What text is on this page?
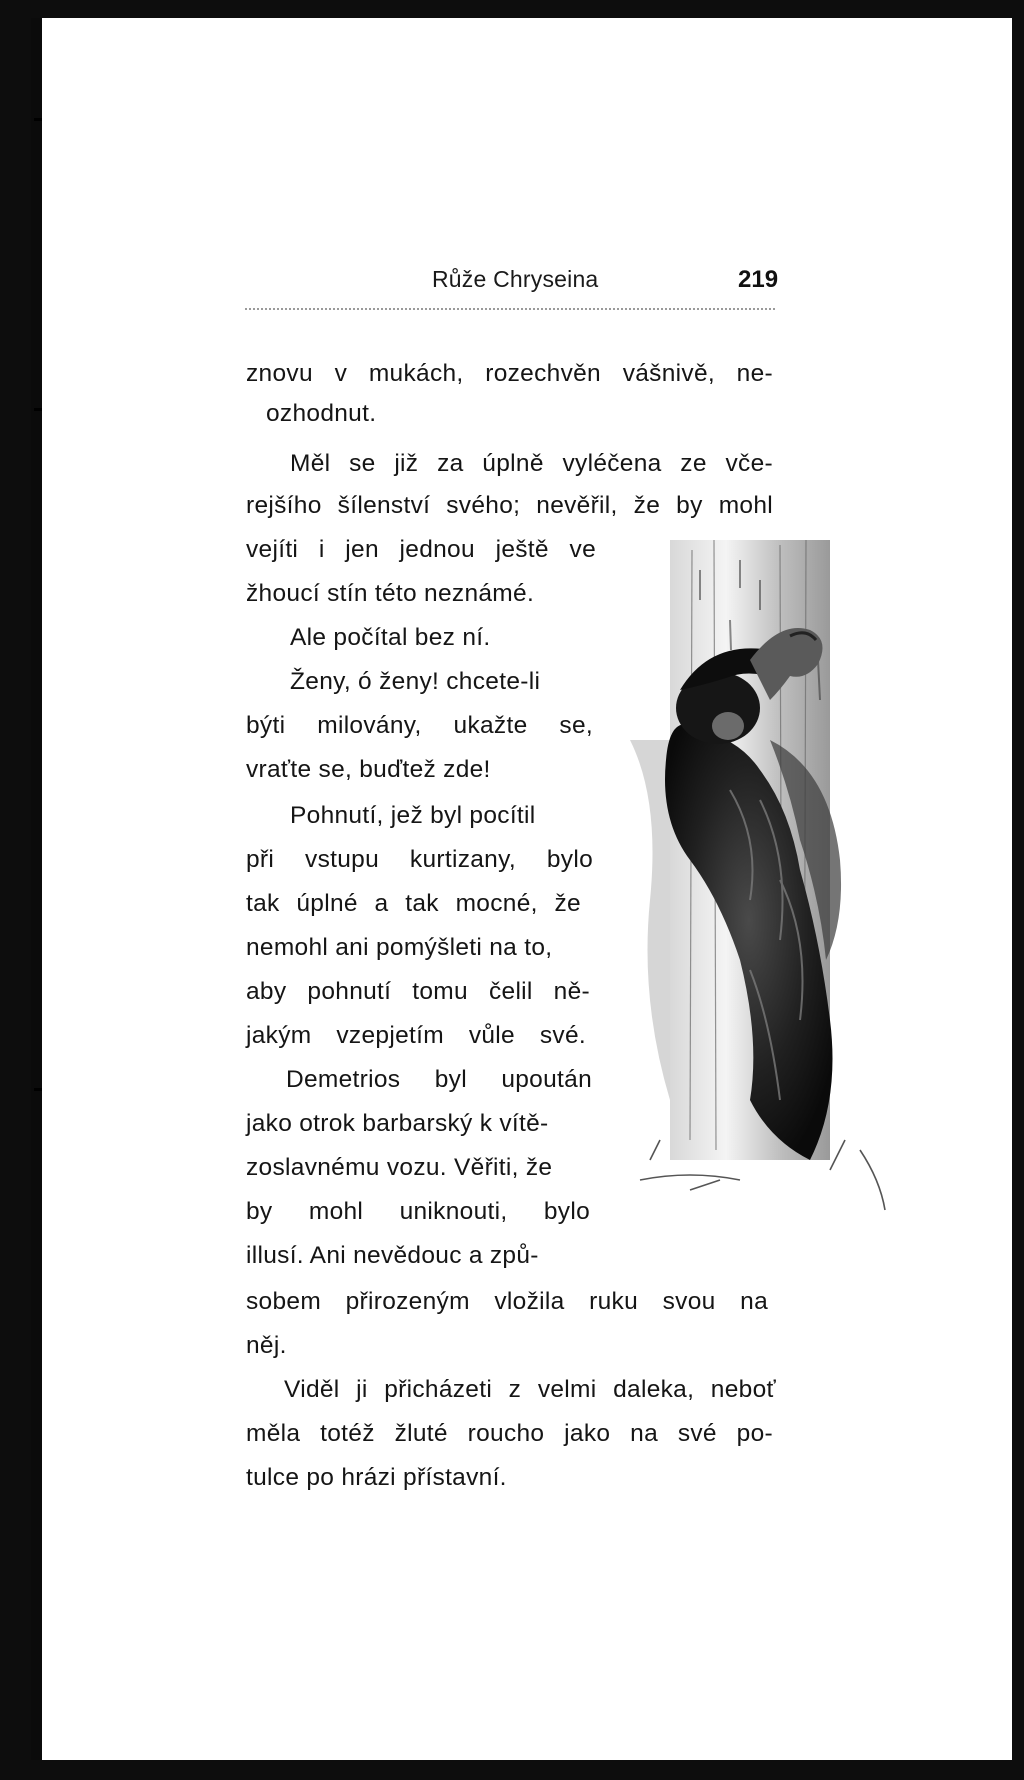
Růže Chryseina	219
znovu v mukách, rozechvěn vášnivě, ne-
ozhodnut.
Měl se již za úplně vyléčena ze vče-
rejšího šílenství svého; nevěřil, že by mohl
vejíti i jen jednou ještě ve
žhoucí stín této neznámé.
Ale počítal bez ní.
Ženy, ó ženy! chcete-li
býti milovány, ukažte se,
vraťte se, buďtež zde!
Pohnutí, jež byl pocítil
při vstupu kurtizany, bylo
tak úplné a tak mocné, že
nemohl ani pomýšleti na to,
aby pohnutí tomu čelil ně-
jakým vzepjetím vůle své.
Demetrios byl upoután
jako otrok barbarský k vítě-
zoslavnému vozu. Věřiti, že
by mohl uniknouti, bylo
illusí. Ani nevědouc a způ-
sobem přirozeným vložila ruku svou na
něj.
Viděl ji přicházeti z velmi daleka, neboť
měla totéž žluté roucho jako na své po-
tulce po hrázi přístavní.
